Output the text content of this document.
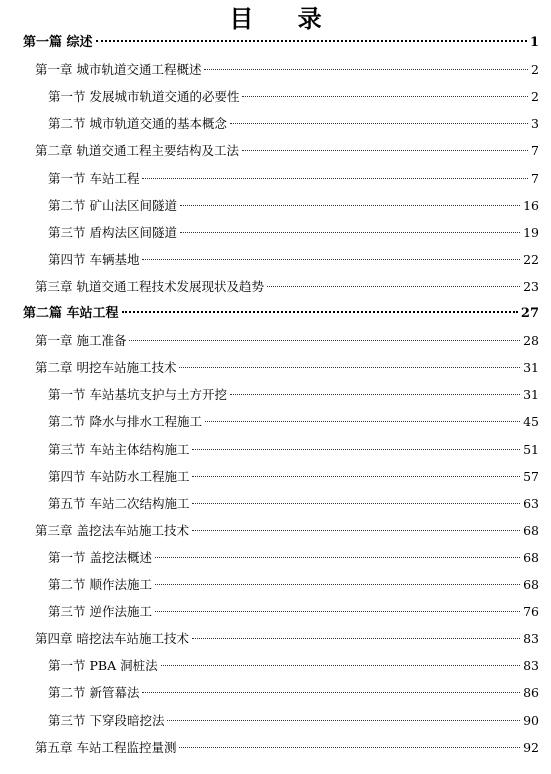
目 录
第一篇 综述	1
第一章 城市轨道交通工程概述	2
第一节 发展城市轨道交通的必要性	2
第二节 城市轨道交通的基本概念	3
第二章 轨道交通工程主要结构及工法	7
第一节 车站工程	7
第二节 矿山法区间隧道	16
第三节 盾构法区间隧道	19
第四节 车辆基地	22
第三章 轨道交通工程技术发展现状及趋势	23
第二篇 车站工程	27
第一章 施工准备	28
第二章 明挖车站施工技术	31
第一节 车站基坑支护与土方开挖	31
第二节 降水与排水工程施工	45
第三节 车站主体结构施工	51
第四节 车站防水工程施工	57
第五节 车站二次结构施工	63
第三章 盖挖法车站施工技术	68
第一节 盖挖法概述	68
第二节 顺作法施工	68
第三节 逆作法施工	76
第四章 暗挖法车站施工技术	83
第一节 PBA 洞桩法	83
第二节 新管幕法	86
第三节 下穿段暗挖法	90
第五章 车站工程监控量测	92
